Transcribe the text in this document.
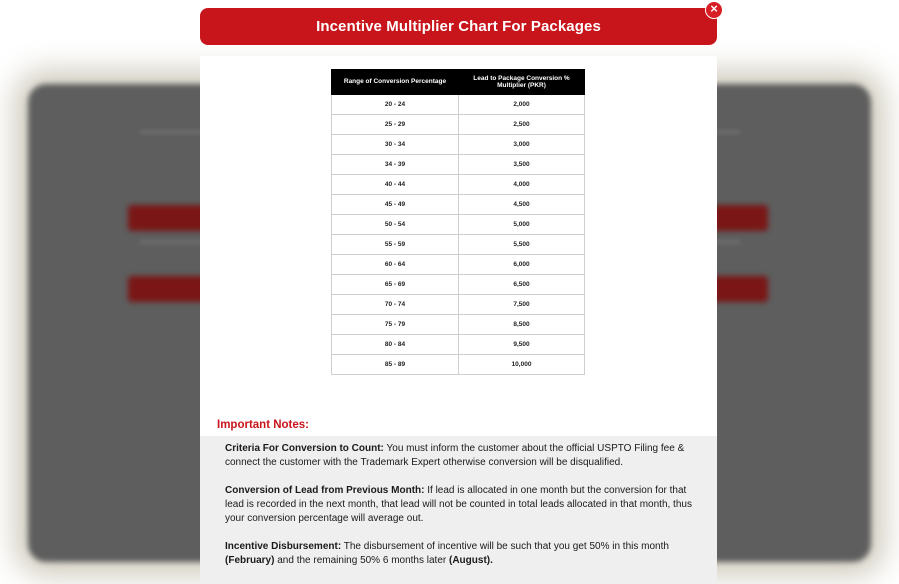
Incentive Multiplier Chart For Packages
×
Range of Conversion Percentage	Lead to Package Conversion % Multiplier (PKR)
20 - 24	2,000
25 - 29	2,500
30 - 34	3,000
34 - 39	3,500
40 - 44	4,000
45 - 49	4,500
50 - 54	5,000
55 - 59	5,500
60 - 64	6,000
65 - 69	6,500
70 - 74	7,500
75 - 79	8,500
80 - 84	9,500
85 - 89	10,000
Important Notes:

Criteria For Conversion to Count: You must inform the customer about the official USPTO Filing fee & connect the customer with the Trademark Expert otherwise conversion will be disqualified.

Conversion of Lead from Previous Month: If lead is allocated in one month but the conversion for that lead is recorded in the next month, that lead will not be counted in total leads allocated in that month, thus your conversion percentage will average out.

Incentive Disbursement: The disbursement of incentive will be such that you get 50% in this month (February) and the remaining 50% 6 months later (August).
